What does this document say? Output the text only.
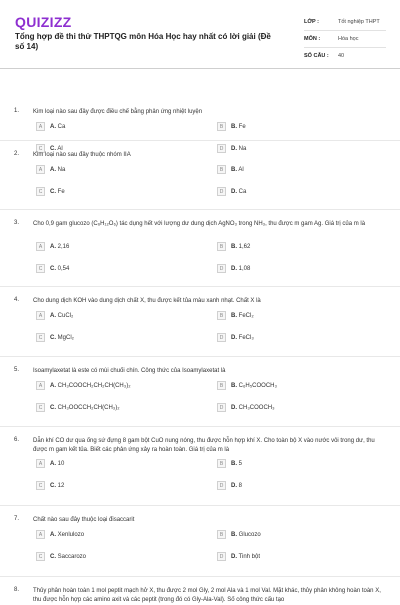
QUIZIZZ
Tổng hợp đề thi thử THPTQG môn Hóa Học hay nhất có lời giải (Đề số 14)
LỚP :	Tốt nghiệp THPT
MÔN :	Hóa học
SỐ CÂU :	40
1. Kim loại nào sau đây được điều chế bằng phản ứng nhiệt luyện
A	A. Ca	B	B. Fe
C	C. Al	D	D. Na
2. Kim loại nào sau đây thuộc nhóm IIA
A	A. Na	B	B. Al
C	C. Fe	D	D. Ca
3. Cho 0,9 gam glucozo (C₆H₁₂O₆) tác dụng hết với lượng dư dung dịch AgNO₃ trong NH₃, thu được m gam Ag. Giá trị của m là
A	A. 2,16	B	B. 1,62
C	C. 0,54	D	D. 1,08
4. Cho dung dịch KOH vào dung dịch chất X, thu được kết tủa màu xanh nhạt. Chất X là
A	A. CuCl₂	B	B. FeCl₂
C	C. MgCl₂	D	D. FeCl₃
5. Isoamylaxetat là este có mùi chuối chín. Công thức của Isoamylaxetat là
A	A. CH₃COOCH₂CH₂CH(CH₃)₂	B	B. C₆H₅COOCH₃
C	C. CH₃OOCCH₂CH(CH₃)₂	D	D. CH₃COOCH₃
6. Dẫn khí CO dư qua ống sứ đựng 8 gam bột CuO nung nóng, thu được hỗn hợp khí X. Cho toàn bộ X vào nước vôi trong dư, thu được m gam kết tủa. Biết các phản ứng xảy ra hoàn toàn. Giá trị của m là
A	A. 10	B	B. 5
C	C. 12	D	D. 8
7. Chất nào sau đây thuộc loại đisaccarit
A	A. Xenlulozo	B	B. Glucozo
C	C. Saccarozo	D	D. Tinh bột
8. Thủy phân hoàn toàn 1 mol peptit mạch hở X, thu được 2 mol Gly, 2 mol Ala và 1 mol Val. Mặt khác, thủy phân không hoàn toàn X, thu được hỗn hợp các amino axit và các peptit (trong đó có Gly-Ala-Val). Số công thức cấu tạo
